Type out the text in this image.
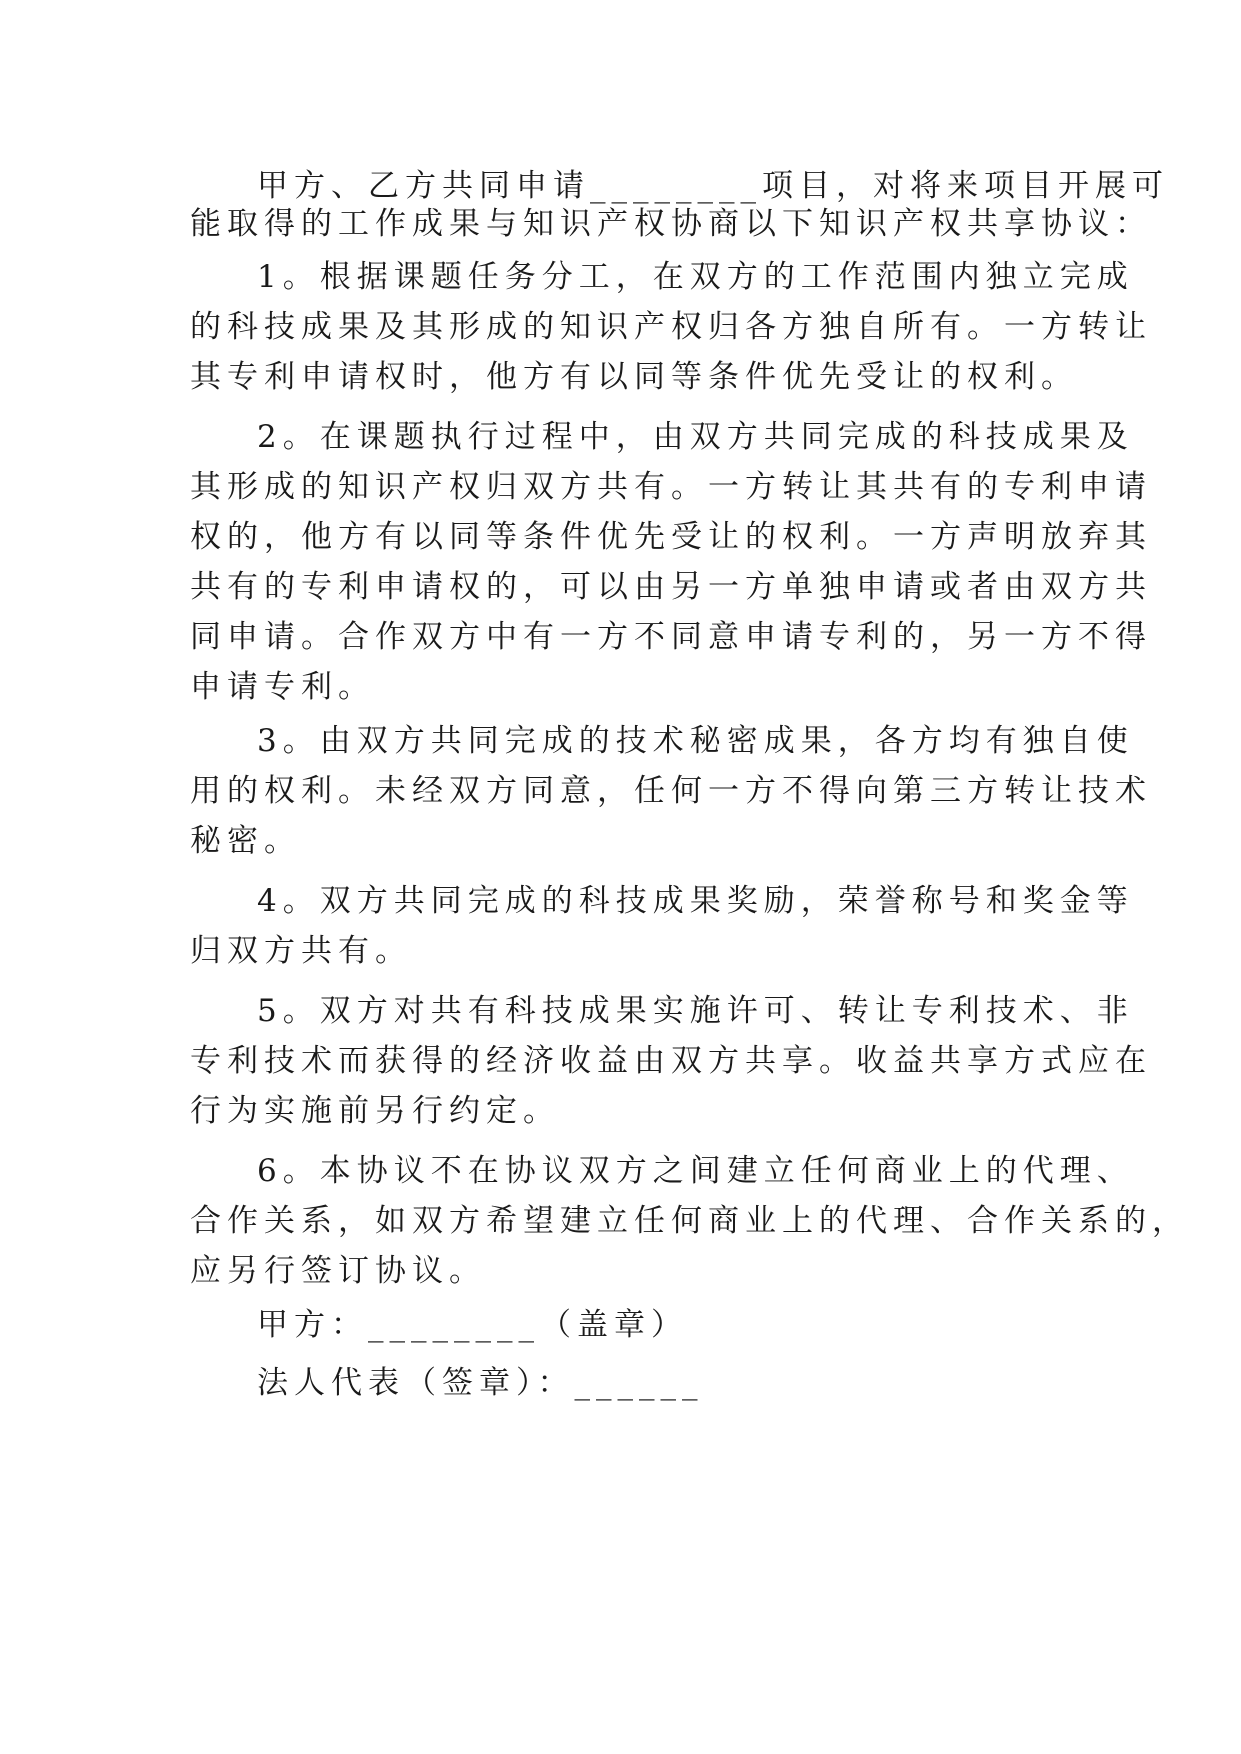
甲方、乙方共同申请________项目，对将来项目开展可
能取得的工作成果与知识产权协商以下知识产权共享协议：
1。根据课题任务分工，在双方的工作范围内独立完成
的科技成果及其形成的知识产权归各方独自所有。一方转让
其专利申请权时，他方有以同等条件优先受让的权利。
2。在课题执行过程中，由双方共同完成的科技成果及
其形成的知识产权归双方共有。一方转让其共有的专利申请
权的，他方有以同等条件优先受让的权利。一方声明放弃其
共有的专利申请权的，可以由另一方单独申请或者由双方共
同申请。合作双方中有一方不同意申请专利的，另一方不得
申请专利。
3。由双方共同完成的技术秘密成果，各方均有独自使
用的权利。未经双方同意，任何一方不得向第三方转让技术
秘密。
4。双方共同完成的科技成果奖励，荣誉称号和奖金等
归双方共有。
5。双方对共有科技成果实施许可、转让专利技术、非
专利技术而获得的经济收益由双方共享。收益共享方式应在
行为实施前另行约定。
6。本协议不在协议双方之间建立任何商业上的代理、
合作关系，如双方希望建立任何商业上的代理、合作关系的，
应另行签订协议。
甲方：________（盖章）
法人代表（签章）：______
